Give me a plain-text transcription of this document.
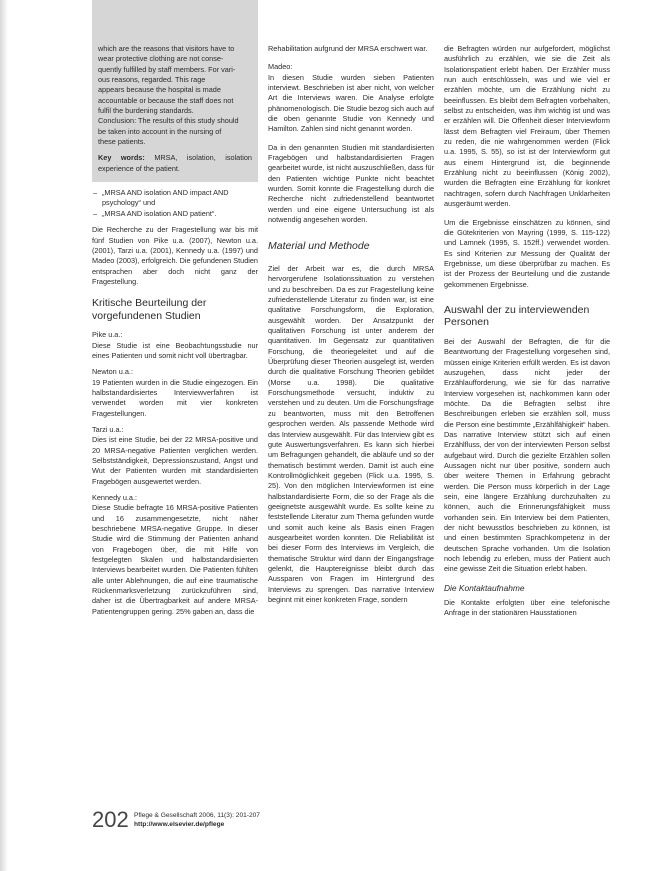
which are the reasons that visitors have to
wear protective clothing are not conse-
quently fulfilled by staff members. For vari-
ous reasons, regarded. This rage
appears because the hospital is made
accountable or because the staff does not
fulfil the burdening standards.
Conclusion: The results of this study should
be taken into account in the nursing of
these patients.

Key words: MRSA, isolation, isolation experience of the patient.

– „MRSA AND isolation AND impact AND psychology“ und
– „MRSA AND isolation AND patient“.

Die Recherche zu der Fragestellung war bis mit fünf Studien von Pike u.a. (2007), Newton u.a. (2001), Tarzi u.a. (2001), Kennedy u.a. (1997) und Madeo (2003), erfolgreich. Die gefundenen Studien entsprachen aber doch nicht ganz der Fragestellung.

Kritische Beurteilung der vorgefundenen Studien
Pike u.a.:

Diese Studie ist eine Beobachtungsstudie nur eines Patienten und somit nicht voll übertragbar.

Newton u.a.:

19 Patienten wurden in die Studie eingezogen. Ein halbstandardisiertes Interviewverfahren ist verwendet worden mit vier konkreten Fragestellungen.

Tarzi u.a.:

Dies ist eine Studie, bei der 22 MRSA-positive und 20 MRSA-negative Patienten verglichen werden. Selbstständigkeit, Depressionszustand, Angst und Wut der Patienten wurden mit standardisierten Fragebögen ausgewertet werden.

Kennedy u.a.:

Diese Studie befragte 16 MRSA-positive Patienten und 16 zusammengesetzte, nicht näher beschriebene MRSA-negative Gruppe. In dieser Studie wird die Stimmung der Patienten anhand von Fragebogen über, die mit Hilfe von festgelegten Skalen und halbstandardisierten Interviews bearbeitet wurden. Die Patienten fühlten alle unter Ablehnungen, die auf eine traumatische Rückenmarksverletzung zurückzuführen sind, daher ist die Übertragbarkeit auf andere MRSA-Patientengruppen gering. 25% gaben an, dass die

Rehabilitation aufgrund der MRSA erschwert war.

Madeo:

In diesen Studie wurden sieben Patienten interviewt. Beschrieben ist aber nicht, von welcher Art die Interviews waren. Die Analyse erfolgte phänomenologisch. Die Studie bezog sich auch auf die oben genannte Studie von Kennedy und Hamilton. Zahlen sind nicht genannt worden.

Da in den genannten Studien mit standardisierten Fragebögen und halbstandardisierten Fragen gearbeitet wurde, ist nicht auszuschließen, dass für den Patienten wichtige Punkte nicht beachtet wurden. Somit konnte die Fragestellung durch die Recherche nicht zufriedenstellend beantwortet werden und eine eigene Untersuchung ist als notwendig angesehen worden.

Material und Methode

Ziel der Arbeit war es, die durch MRSA hervorgerufene Isolationssituation zu verstehen und zu beschreiben. Da es zur Fragestellung keine zufriedenstellende Literatur zu finden war, ist eine qualitative Forschungsform, die Exploration, ausgewählt worden. Der Ansatzpunkt der qualitativen Forschung ist unter anderem der quantitativen. Im Gegensatz zur quantitativen Forschung, die theoriegeleitet und auf die Überprüfung dieser Theorien ausgelegt ist, werden durch die qualitative Forschung Theorien gebildet (Morse u.a. 1998). Die qualitative Forschungsmethode versucht, induktiv zu verstehen und zu deuten. Um die Forschungsfrage zu beantworten, muss mit den Betroffenen gesprochen werden. Als passende Methode wird das Interview ausgewählt. Für das Interview gibt es gute Auswertungsverfahren. Es kann sich hierbei um Befragungen gehandelt, die abläufe und so der thematisch bestimmt werden. Damit ist auch eine Kontrollmöglichkeit gegeben (Flick u.a. 1995, S. 25). Von den möglichen Interviewformen ist eine halbstandardisierte Form, die so der Frage als die geeignetste ausgewählt wurde. Es sollte keine zu feststellende Literatur zum Thema gefunden wurde und somit auch keine als Basis einen Fragen ausgearbeitet worden konnten. Die Reliabilität ist bei dieser Form des Interviews im Vergleich, die thematische Struktur wird dann der Eingangsfrage gelenkt, die Hauptereignisse bleibt durch das Aussparen von Fragen im Hintergrund des Interviews zu sprengen. Das narrative Interview beginnt mit einer konkreten Frage, sondern

die Befragten würden nur aufgefordert, möglichst ausführlich zu erzählen, wie sie die Zeit als Isolationspatient erlebt haben. Der Erzähler muss nun auch entschlüsseln, was und wie viel er erzählen möchte, um die Erzählung nicht zu beeinflussen. Es bleibt dem Befragten vorbehalten, selbst zu entscheiden, was ihm wichtig ist und was er erzählen will. Die Offenheit dieser Interviewform lässt dem Befragten viel Freiraum, über Themen zu reden, die nie wahrgenommen werden (Flick u.a. 1995, S. 55), so ist ist der Interviewform gut aus einem Hintergrund ist, die beginnende Erzählung nicht zu beeinflussen (König 2002), wurden die Befragten eine Erzählung für konkret nachtragen, sofern durch Nachfragen Unklarheiten ausgeräumt werden.

Um die Ergebnisse einschätzen zu können, sind die Gütekriterien von Mayring (1999, S. 115-122) und Lamnek (1995, S. 152ff.) verwendet worden. Es sind Kriterien zur Messung der Qualität der Ergebnisse, um diese überprüfbar zu machen. Es ist der Prozess der Beurteilung und die zustande gekommenen Ergebnisse.

Auswahl der zu interviewenden Personen

Bei der Auswahl der Befragten, die für die Beantwortung der Fragestellung vorgesehen sind, müssen einige Kriterien erfüllt werden. Es ist davon auszugehen, dass nicht jeder der Erzählaufforderung, wie sie für das narrative Interview vorgesehen ist, nachkommen kann oder möchte. Da die Befragten selbst ihre Beschreibungen erleben sie erzählen soll, muss die Person eine bestimmte „Erzählfähigkeit“ haben. Das narrative Interview stützt sich auf einen Erzählfluss, der von der interviewten Person selbst aufgebaut wird. Durch die gezielte Erzählen sollen Aussagen nicht nur über positive, sondern auch über weitere Themen in Erfahrung gebracht werden. Die Person muss körperlich in der Lage sein, eine längere Erzählung durchzuhalten zu können, auch die Erinnerungsfähigkeit muss vorhanden sein. Ein Interview bei dem Patienten, der nicht bewusstlos beschrieben zu können, ist und einen bestimmten Sprachkompetenz in der deutschen Sprache vorhanden. Um die Isolation noch lebendig zu erleben, muss der Patient auch eine gewisse Zeit die Situation erlebt haben.

Die Kontaktaufnahme

Die Kontakte erfolgten über eine telefonische Anfrage in der stationären Hausstationen

202 Pflege & Gesellschaft 2006, 11(3): 201-207
http://www.elsevier.de/pflege
